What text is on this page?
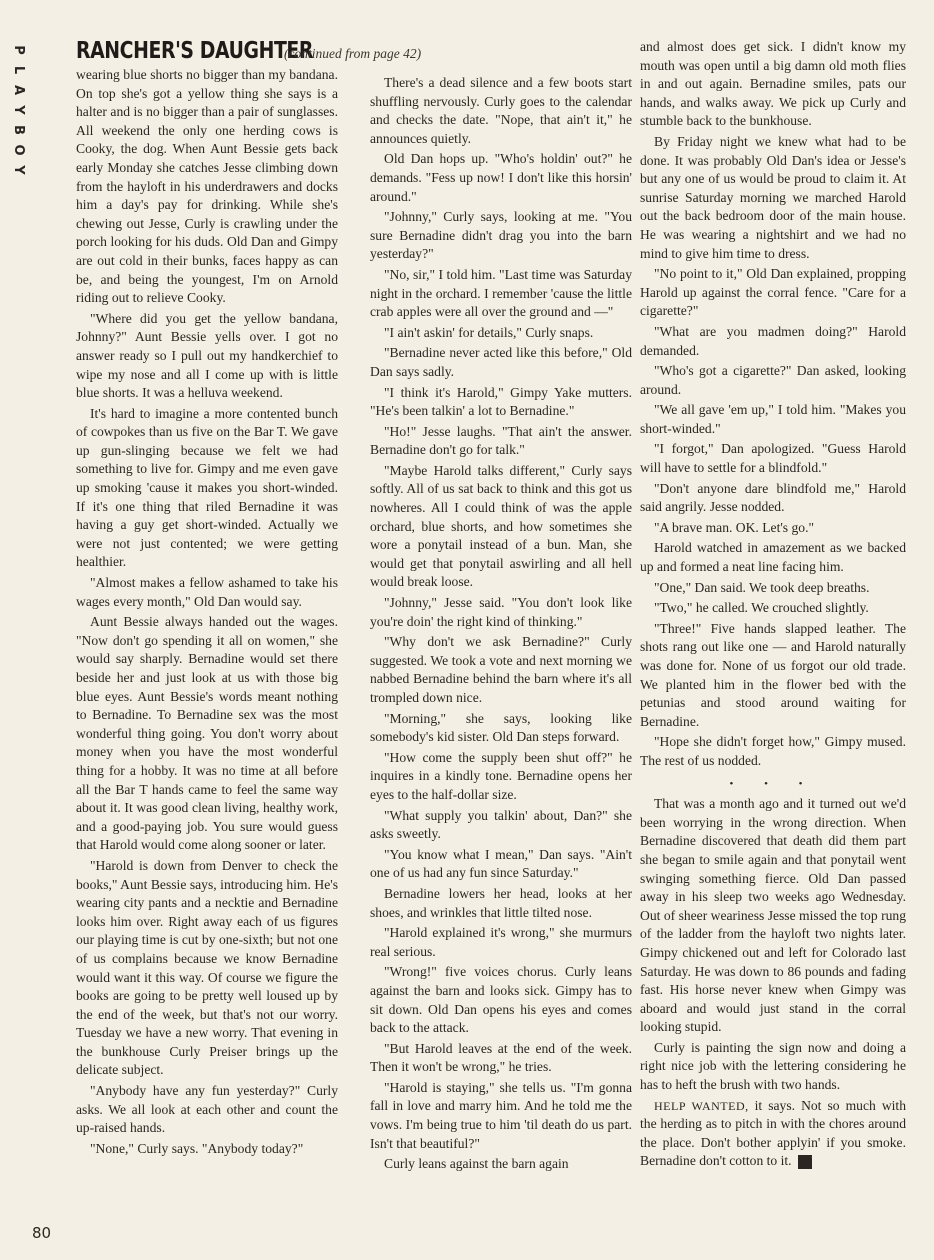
P
L
A
Y
B
O
Y
RANCHER'S DAUGHTER
(continued from page 42)

wearing blue shorts no bigger than my bandana. On top she's got a yellow thing she says is a halter and is no bigger than a pair of sunglasses. All weekend the only one herding cows is Cooky, the dog. When Aunt Bessie gets back early Monday she catches Jesse climbing down from the hayloft in his underdrawers and docks him a day's pay for drinking. While she's chewing out Jesse, Curly is crawling under the porch looking for his duds. Old Dan and Gimpy are out cold in their bunks, faces happy as can be, and being the youngest, I'm on Arnold riding out to relieve Cooky.

"Where did you get the yellow bandana, Johnny?" Aunt Bessie yells over. I got no answer ready so I pull out my handkerchief to wipe my nose and all I come up with is little blue shorts. It was a helluva weekend.

It's hard to imagine a more contented bunch of cowpokes than us five on the Bar T. We gave up gun-slinging because we felt we had something to live for. Gimpy and me even gave up smoking 'cause it makes you short-winded. If it's one thing that riled Bernadine it was having a guy get short-winded. Actually we were not just contented; we were getting healthier.

"Almost makes a fellow ashamed to take his wages every month," Old Dan would say.

Aunt Bessie always handed out the wages. "Now don't go spending it all on women," she would say sharply. Bernadine would set there beside her and just look at us with those big blue eyes. Aunt Bessie's words meant nothing to Bernadine. To Bernadine sex was the most wonderful thing going. You don't worry about money when you have the most wonderful thing for a hobby. It was no time at all before all the Bar T hands came to feel the same way about it. It was good clean living, healthy work, and a good-paying job. You sure would guess that Harold would come along sooner or later.

"Harold is down from Denver to check the books," Aunt Bessie says, introducing him. He's wearing city pants and a necktie and Bernadine looks him over. Right away each of us figures our playing time is cut by one-sixth; but not one of us complains because we know Bernadine would want it this way. Of course we figure the books are going to be pretty well loused up by the end of the week, but that's not our worry. Tuesday we have a new worry. That evening in the bunkhouse Curly Preiser brings up the delicate subject.

"Anybody have any fun yesterday?" Curly asks. We all look at each other and count the up-raised hands.

"None," Curly says. "Anybody today?"

There's a dead silence and a few boots start shuffling nervously. Curly goes to the calendar and checks the date. "Nope, that ain't it," he announces quietly.

Old Dan hops up. "Who's holdin' out?" he demands. "Fess up now! I don't like this horsin' around."

"Johnny," Curly says, looking at me. "You sure Bernadine didn't drag you into the barn yesterday?"

"No, sir," I told him. "Last time was Saturday night in the orchard. I remember 'cause the little crab apples were all over the ground and —"

"I ain't askin' for details," Curly snaps.

"Bernadine never acted like this before," Old Dan says sadly.

"I think it's Harold," Gimpy Yake mutters. "He's been talkin' a lot to Bernadine."

"Ho!" Jesse laughs. "That ain't the answer. Bernadine don't go for talk."

"Maybe Harold talks different," Curly says softly. All of us sat back to think and this got us nowheres. All I could think of was the apple orchard, blue shorts, and how sometimes she wore a ponytail instead of a bun. Man, she would get that ponytail aswirling and all hell would break loose.

"Johnny," Jesse said. "You don't look like you're doin' the right kind of thinking."

"Why don't we ask Bernadine?" Curly suggested. We took a vote and next morning we nabbed Bernadine behind the barn where it's all trompled down nice.

"Morning," she says, looking like somebody's kid sister. Old Dan steps forward.

"How come the supply been shut off?" he inquires in a kindly tone. Bernadine opens her eyes to the half-dollar size.

"What supply you talkin' about, Dan?" she asks sweetly.

"You know what I mean," Dan says. "Ain't one of us had any fun since Saturday."

Bernadine lowers her head, looks at her shoes, and wrinkles that little tilted nose.

"Harold explained it's wrong," she murmurs real serious.

"Wrong!" five voices chorus. Curly leans against the barn and looks sick. Gimpy has to sit down. Old Dan opens his eyes and comes back to the attack.

"But Harold leaves at the end of the week. Then it won't be wrong," he tries.

"Harold is staying," she tells us. "I'm gonna fall in love and marry him. And he told me the vows. I'm being true to him 'til death do us part. Isn't that beautiful?"

Curly leans against the barn again

and almost does get sick. I didn't know my mouth was open until a big damn old moth flies in and out again. Bernadine smiles, pats our hands, and walks away. We pick up Curly and stumble back to the bunkhouse.

By Friday night we knew what had to be done. It was probably Old Dan's idea or Jesse's but any one of us would be proud to claim it. At sunrise Saturday morning we marched Harold out the back bedroom door of the main house. He was wearing a nightshirt and we had no mind to give him time to dress.

"No point to it," Old Dan explained, propping Harold up against the corral fence. "Care for a cigarette?"

"What are you madmen doing?" Harold demanded.

"Who's got a cigarette?" Dan asked, looking around.

"We all gave 'em up," I told him. "Makes you short-winded."

"I forgot," Dan apologized. "Guess Harold will have to settle for a blindfold."

"Don't anyone dare blindfold me," Harold said angrily. Jesse nodded.

"A brave man. OK. Let's go."

Harold watched in amazement as we backed up and formed a neat line facing him.

"One," Dan said. We took deep breaths.

"Two," he called. We crouched slightly.

"Three!" Five hands slapped leather. The shots rang out like one — and Harold naturally was done for. None of us forgot our old trade. We planted him in the flower bed with the petunias and stood around waiting for Bernadine.

"Hope she didn't forget how," Gimpy mused. The rest of us nodded.

• • •

That was a month ago and it turned out we'd been worrying in the wrong direction. When Bernadine discovered that death did them part she began to smile again and that ponytail went swinging something fierce. Old Dan passed away in his sleep two weeks ago Wednesday. Out of sheer weariness Jesse missed the top rung of the ladder from the hayloft two nights later. Gimpy chickened out and left for Colorado last Saturday. He was down to 86 pounds and fading fast. His horse never knew when Gimpy was aboard and would just stand in the corral looking stupid.

Curly is painting the sign now and doing a right nice job with the lettering considering he has to heft the brush with two hands.

HELP WANTED, it says. Not so much with the herding as to pitch in with the chores around the place. Don't bother applyin' if you smoke. Bernadine don't cotton to it. Y

80
